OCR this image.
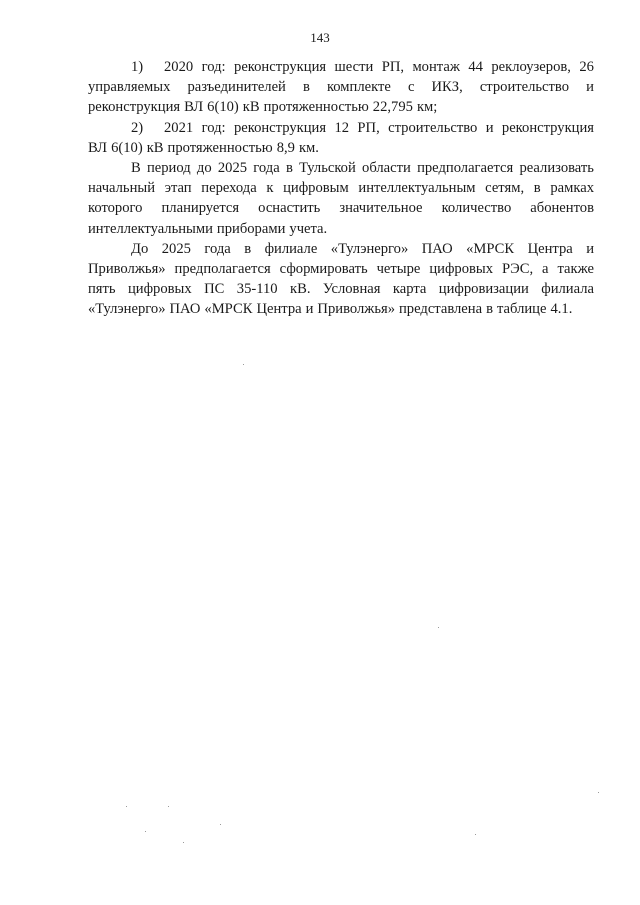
143
1)	2020 год: реконструкция шести РП, монтаж 44 реклоузеров, 26
управляемых разъединителей в комплекте с ИКЗ, строительство и
реконструкция ВЛ 6(10) кВ протяженностью 22,795 км;
2)	2021 год: реконструкция 12 РП, строительство и реконструкция
ВЛ 6(10) кВ протяженностью 8,9 км.
В период до 2025 года в Тульской области предполагается реализовать
начальный этап перехода к цифровым интеллектуальным сетям, в рамках
которого планируется оснастить значительное количество абонентов
интеллектуальными приборами учета.
До 2025 года в филиале «Тулэнерго» ПАО «МРСК Центра и
Приволжья» предполагается сформировать четыре цифровых РЭС, а также
пять цифровых ПС 35-110 кВ. Условная карта цифровизации филиала
«Тулэнерго» ПАО «МРСК Центра и Приволжья» представлена в таблице 4.1.
